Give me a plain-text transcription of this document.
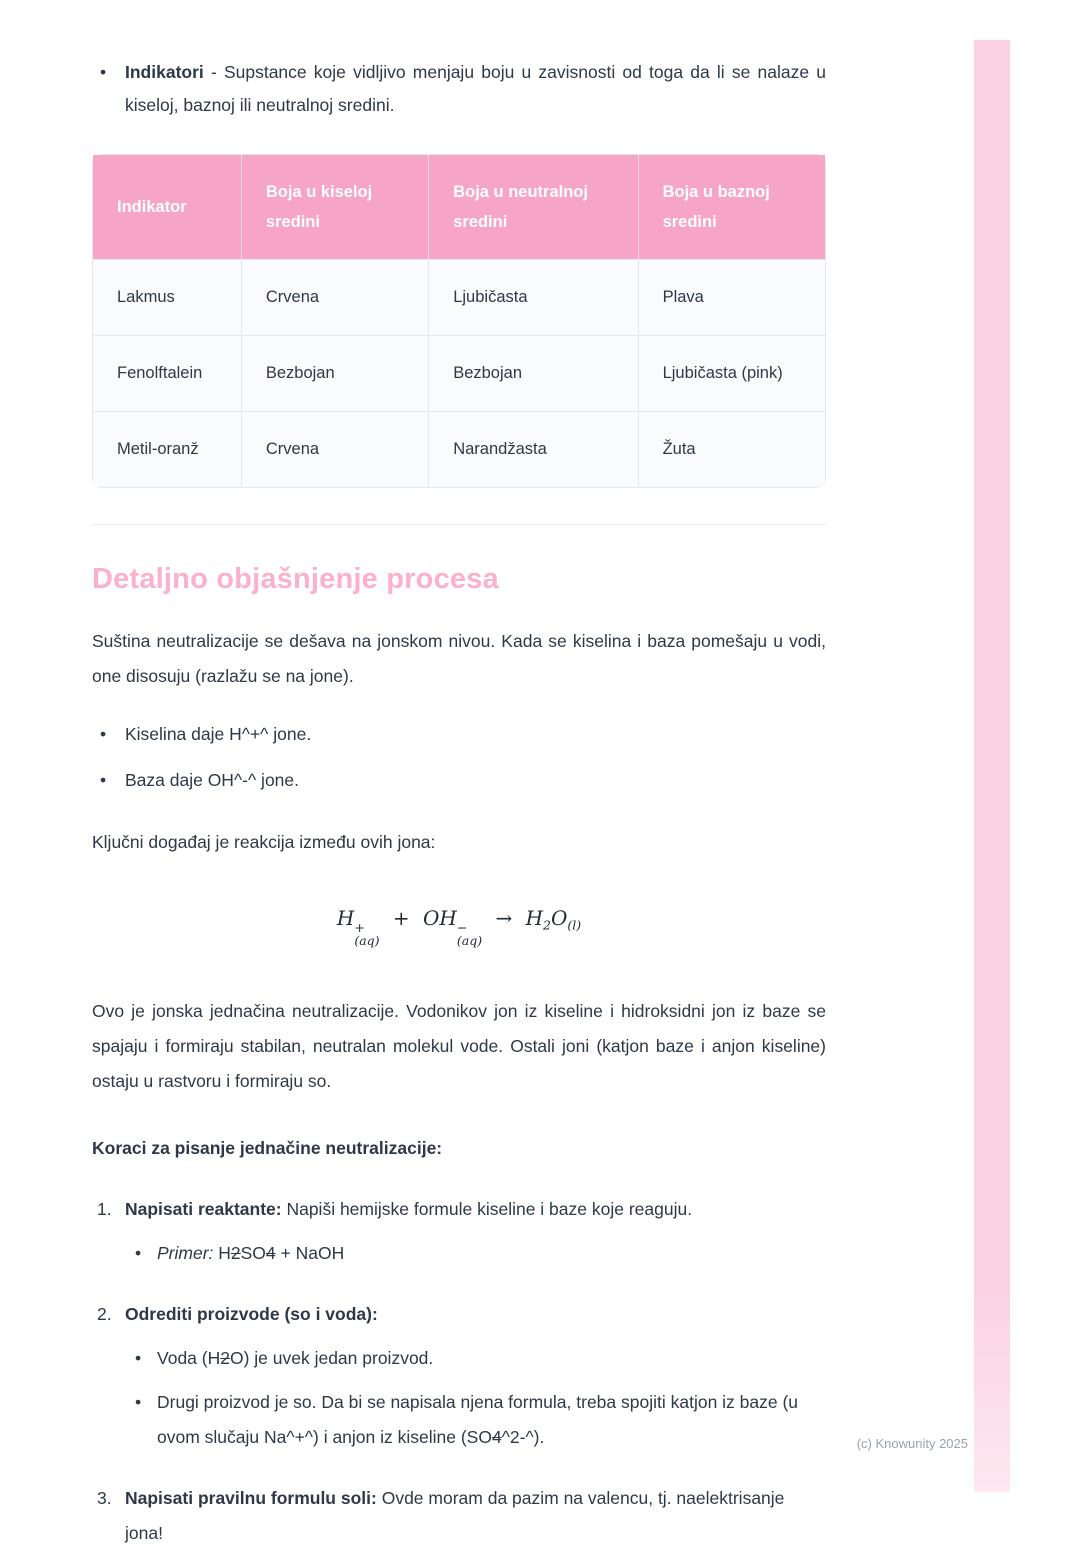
(c) Knowunity 2025
• Indikatori - Supstance koje vidljivo menjaju boju u zavisnosti od toga da li se nalaze u kiseloj, baznoj ili neutralnoj sredini.
Indikator	Boja u kiseloj sredini	Boja u neutralnoj sredini	Boja u baznoj sredini
Lakmus	Crvena	Ljubičasta	Plava
Fenolftalein	Bezbojan	Bezbojan	Ljubičasta (pink)
Metil-oranž	Crvena	Narandžasta	Žuta
Detaljno objašnjenje procesa

Suština neutralizacije se dešava na jonskom nivou. Kada se kiselina i baza pomešaju u vodi, one disosuju (razlažu se na jone).

• Kiselina daje H^+^ jone.
• Baza daje OH^-^ jone.

Ključni događaj je reakcija između ovih jona:

H +
(aq)
+ OH −
(aq)
→ $H_2O_{(l)}$

Ovo je jonska jednačina neutralizacije. Vodonikov jon iz kiseline i hidroksidni jon iz baze se spajaju i formiraju stabilan, neutralan molekul vode. Ostali joni (katjon baze i anjon kiseline) ostaju u rastvoru i formiraju so.

Koraci za pisanje jednačine neutralizacije:

1. Napisati reaktante: Napiši hemijske formule kiseline i baze koje reaguju.
• Primer: H2SO4 + NaOH
2. Odrediti proizvode (so i voda):
• Voda (H2O) je uvek jedan proizvod.
• Drugi proizvod je so. Da bi se napisala njena formula, treba spojiti katjon iz baze (u ovom slučaju Na^+^) i anjon iz kiseline (SO4^2-^).
3. Napisati pravilnu formulu soli: Ovde moram da pazim na valencu, tj. naelektrisanje jona!
